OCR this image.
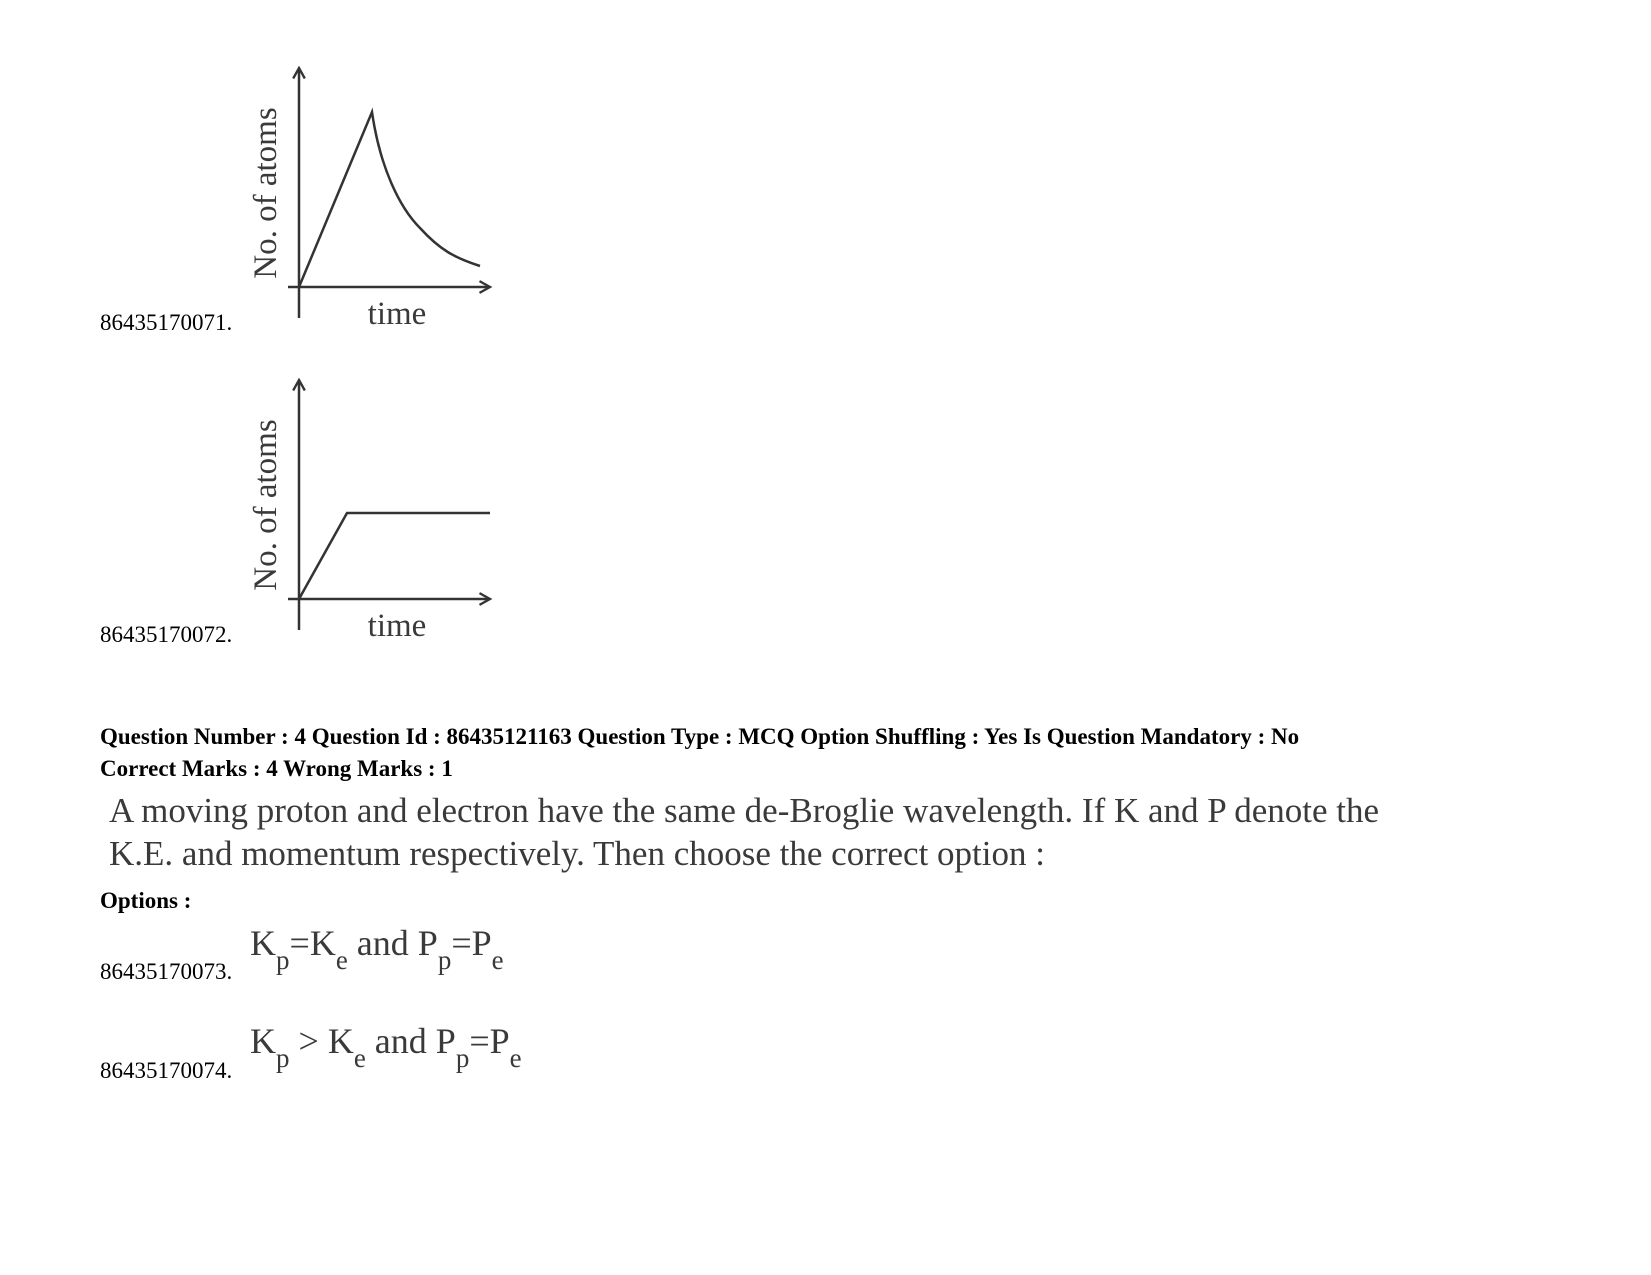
86435170071.
No. of atoms
time
86435170072.
No. of atoms
time
Question Number : 4 Question Id : 86435121163 Question Type : MCQ Option Shuffling : Yes Is Question Mandatory : No
Correct Marks : 4 Wrong Marks : 1
A moving proton and electron have the same de-Broglie wavelength. If K and P denote the
K.E. and momentum respectively. Then choose the correct option :
Options :
86435170073.
$K_p=K_e$ and $P_p=P_e$
86435170074.
$K_p > K_e$ and $P_p=P_e$
